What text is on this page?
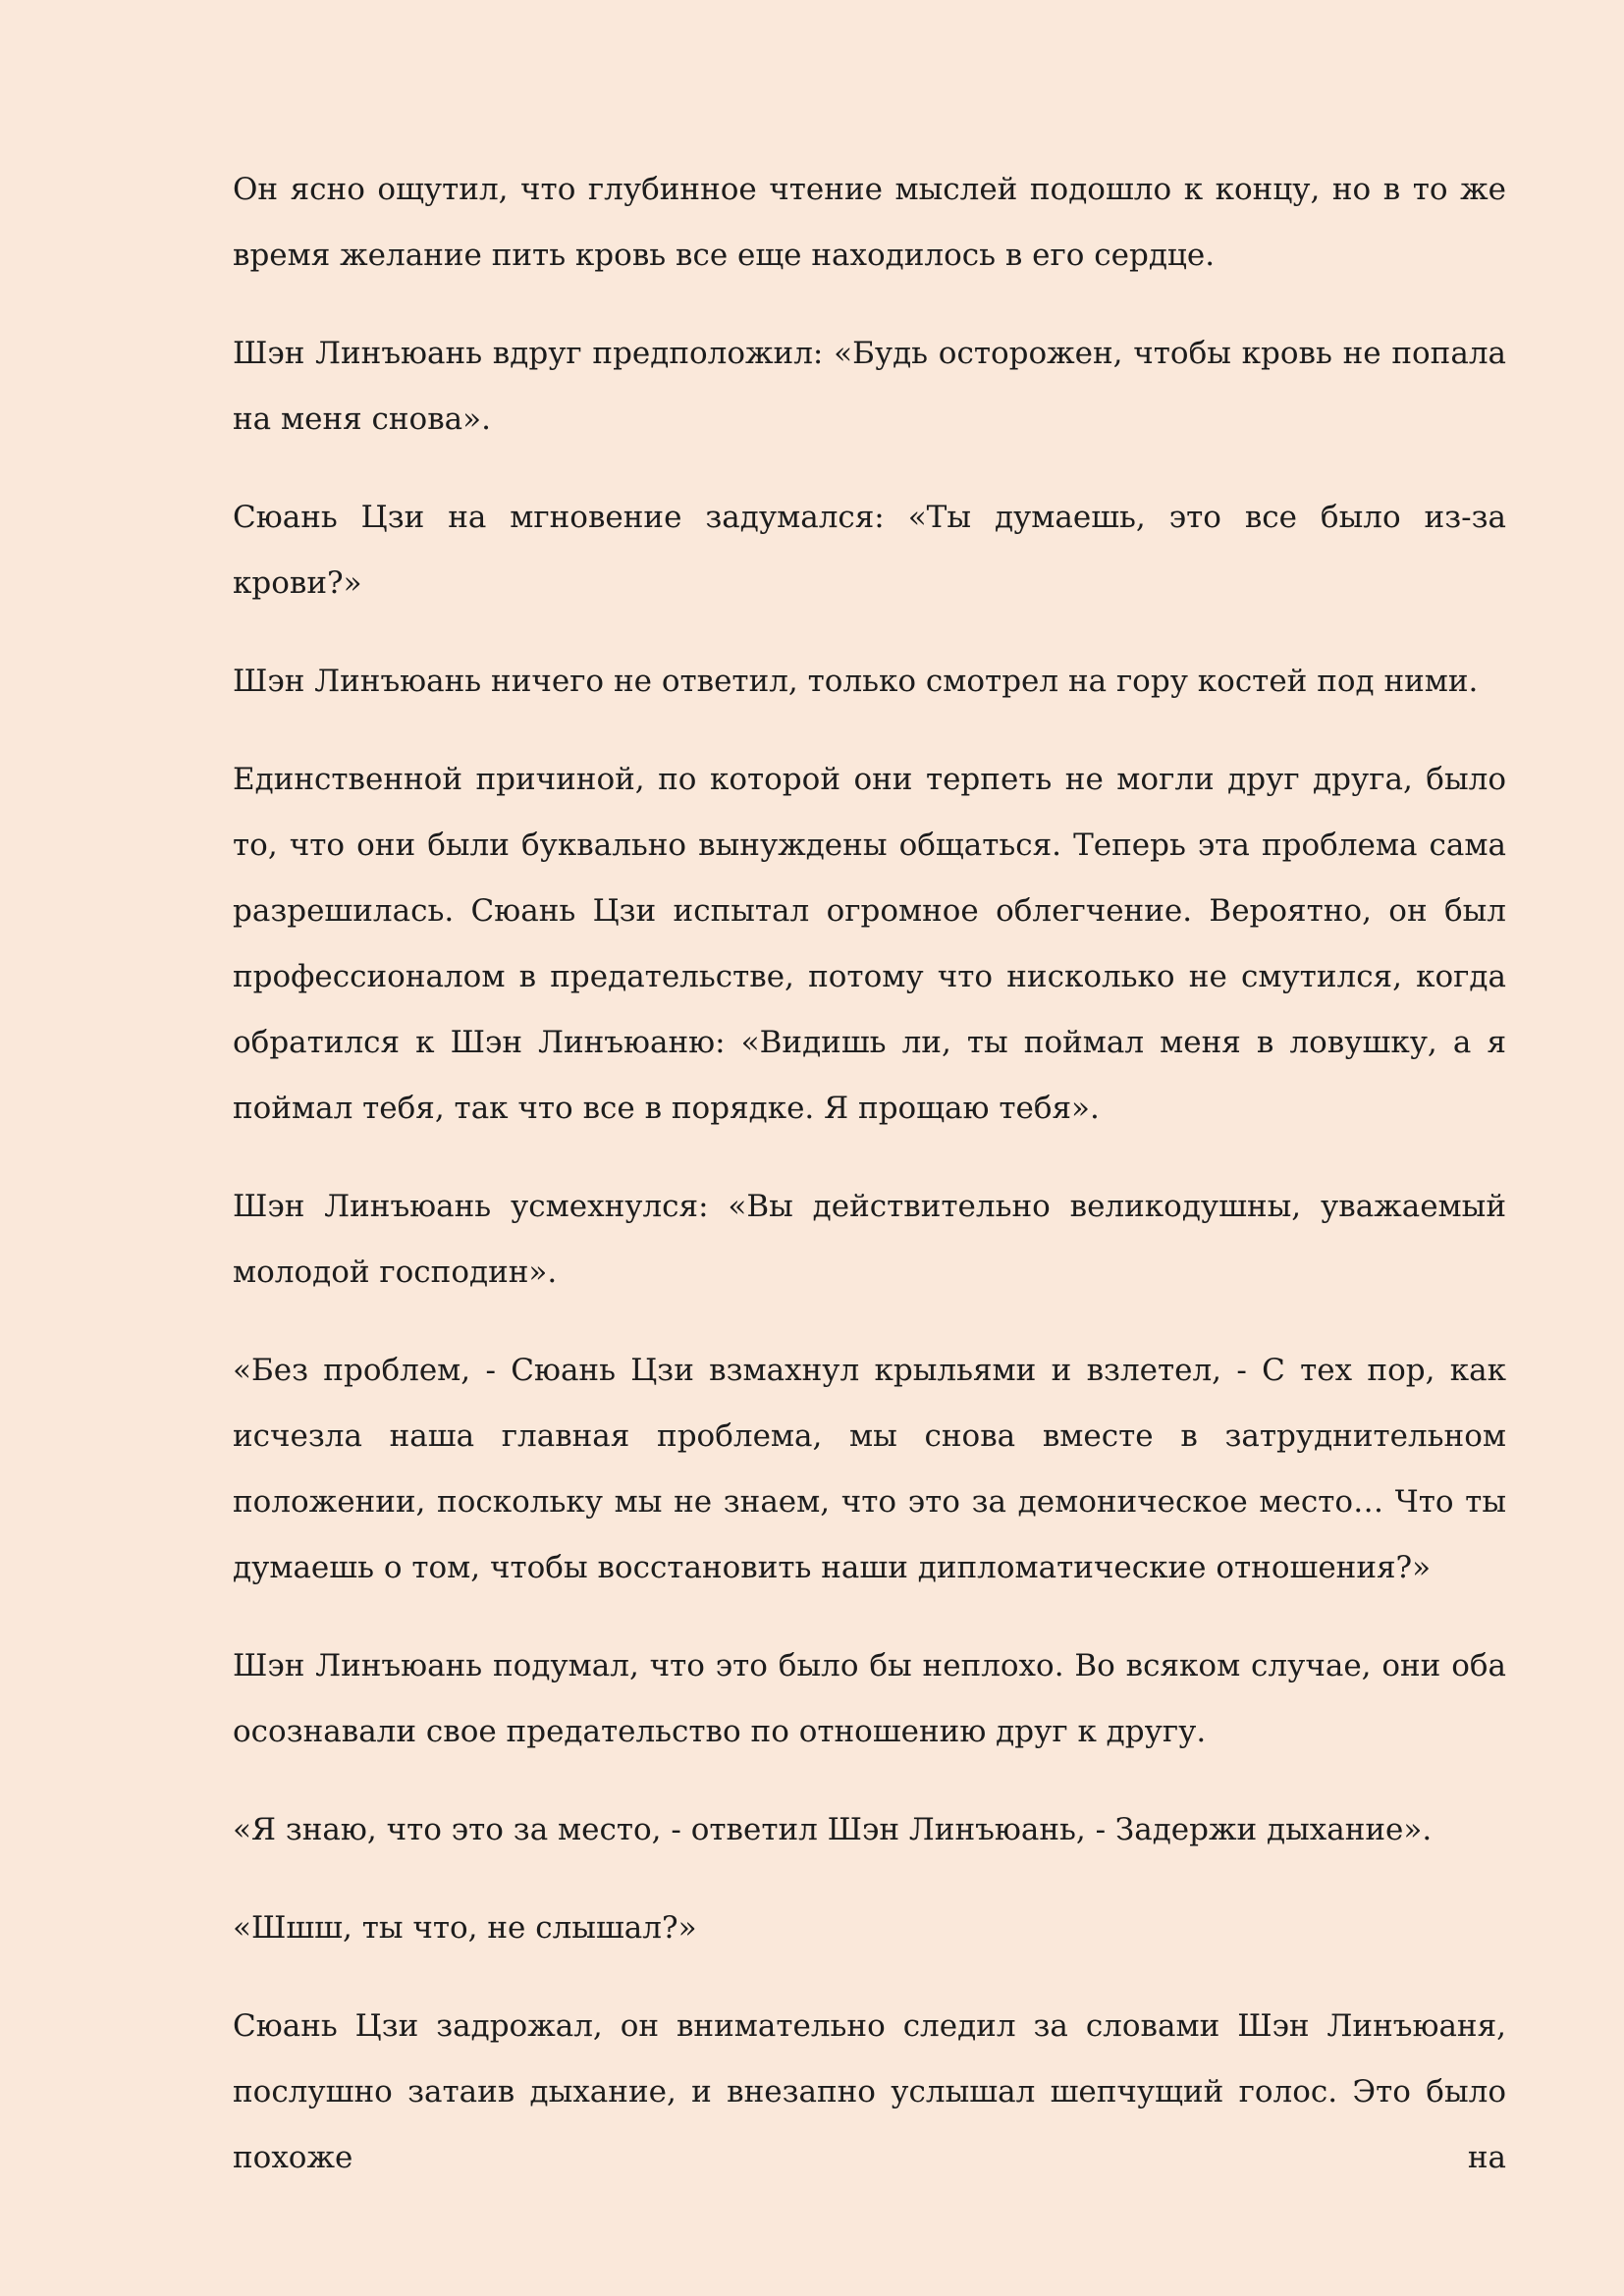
Он ясно ощутил, что глубинное чтение мыслей подошло к концу, но в то же время желание пить кровь все еще находилось в его сердце.

Шэн Линъюань вдруг предположил: «Будь осторожен, чтобы кровь не попала на меня снова».

Сюань Цзи на мгновение задумался: «Ты думаешь, это все было из-за крови?»

Шэн Линъюань ничего не ответил, только смотрел на гору костей под ними.

Единственной причиной, по которой они терпеть не могли друг друга, было то, что они были буквально вынуждены общаться. Теперь эта проблема сама разрешилась. Сюань Цзи испытал огромное облегчение. Вероятно, он был профессионалом в предательстве, потому что нисколько не смутился, когда обратился к Шэн Линъюаню: «Видишь ли, ты поймал меня в ловушку, а я поймал тебя, так что все в порядке. Я прощаю тебя».

Шэн Линъюань усмехнулся: «Вы действительно великодушны, уважаемый молодой господин».

«Без проблем, - Сюань Цзи взмахнул крыльями и взлетел, - С тех пор, как исчезла наша главная проблема, мы снова вместе в затруднительном положении, поскольку мы не знаем, что это за демоническое место… Что ты думаешь о том, чтобы восстановить наши дипломатические отношения?»

Шэн Линъюань подумал, что это было бы неплохо. Во всяком случае, они оба осознавали свое предательство по отношению друг к другу.

«Я знаю, что это за место, - ответил Шэн Линъюань, - Задержи дыхание».

«Шшш, ты что, не слышал?»

Сюань Цзи задрожал, он внимательно следил за словами Шэн Линъюаня, послушно затаив дыхание, и внезапно услышал шепчущий голос. Это было похоже на
